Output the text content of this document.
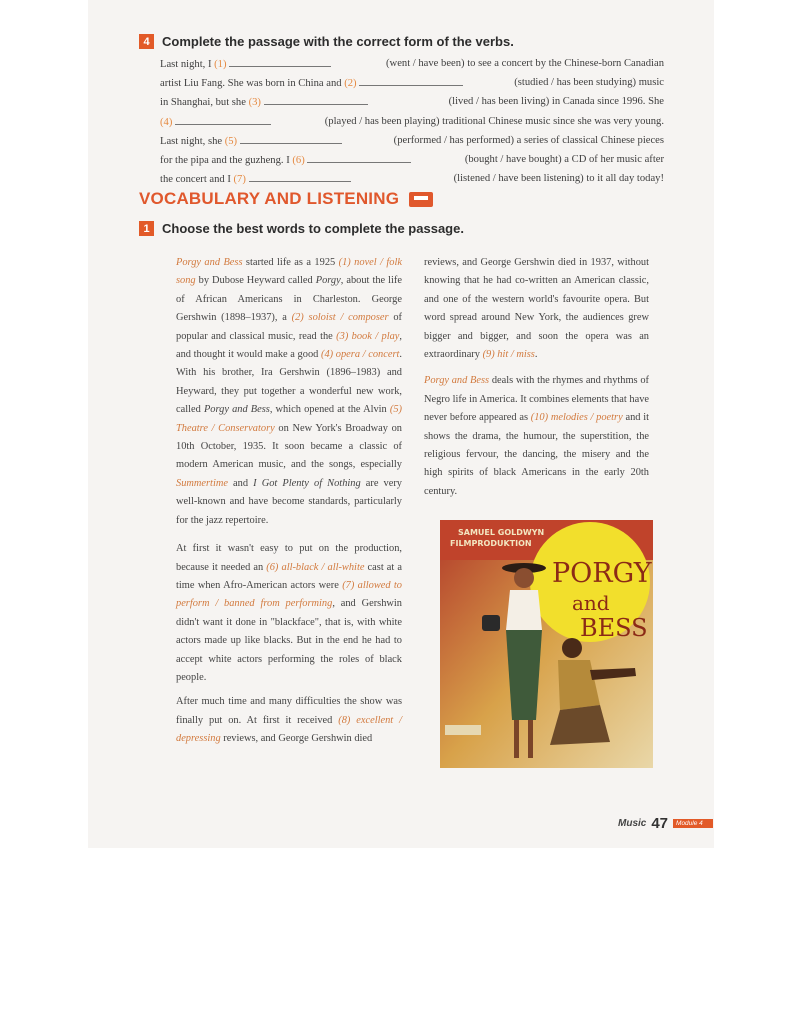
4 Complete the passage with the correct form of the verbs.
Last night, I (1)	(went / have been) to see a concert by the Chinese-born Canadian
artist Liu Fang. She was born in China and (2)	(studied / has been studying) music
in Shanghai, but she (3)	(lived / has been living) in Canada since 1996. She
(4)	(played / has been playing) traditional Chinese music since she was very young.
Last night, she (5)	(performed / has performed) a series of classical Chinese pieces
for the pipa and the guzheng. I (6)	(bought / have bought) a CD of her music after
the concert and I (7)	(listened / have been listening) to it all day today!
VOCABULARY AND LISTENING
1 Choose the best words to complete the passage.

Porgy and Bess started life as a 1925 (1) novel / folk song by Dubose Heyward called Porgy, about the life of African Americans in Charleston. George Gershwin (1898–1937), a (2) soloist / composer of popular and classical music, read the (3) book / play, and thought it would make a good (4) opera / concert. With his brother, Ira Gershwin (1896–1983) and Heyward, they put together a wonderful new work, called Porgy and Bess, which opened at the Alvin (5) Theatre / Conservatory on New York's Broadway on 10th October, 1935. It soon became a classic of modern American music, and the songs, especially Summertime and I Got Plenty of Nothing are very well-known and have become standards, particularly for the jazz repertoire.

At first it wasn't easy to put on the production, because it needed an (6) all-black / all-white cast at a time when Afro-American actors were (7) allowed to perform / banned from performing, and Gershwin didn't want it done in "blackface", that is, with white actors made up like blacks. But in the end he had to accept white actors performing the roles of black people.

After much time and many difficulties the show was finally put on. At first it received (8) excellent / depressing reviews, and George Gershwin died

reviews, and George Gershwin died in 1937, without knowing that he had co-written an American classic, and one of the western world's favourite opera. But word spread around New York, the audiences grew bigger and bigger, and soon the opera was an extraordinary (9) hit / miss.

Porgy and Bess deals with the rhymes and rhythms of Negro life in America. It combines elements that have never before appeared as (10) melodies / poetry and it shows the drama, the humour, the superstition, the religious fervour, the dancing, the misery and the high spirits of black Americans in the early 20th century.

SAMUEL GOLDWYN
FILMPRODUKTION
PORGY
and
BESS
Music 47	Module 4
